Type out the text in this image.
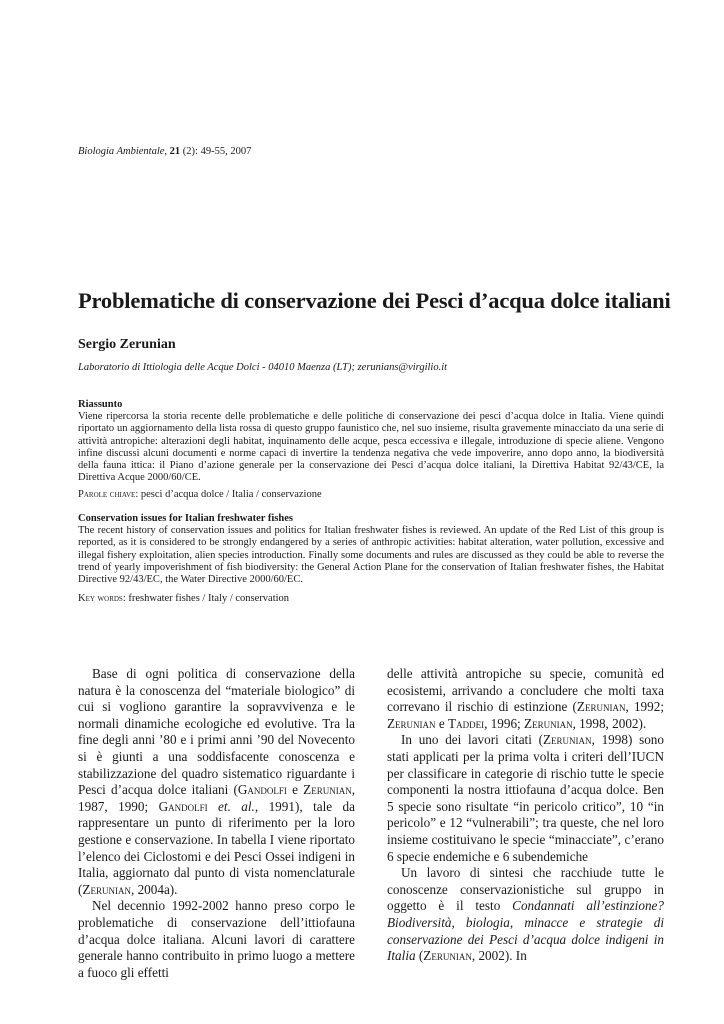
Biologia Ambientale, 21 (2): 49-55, 2007
Problematiche di conservazione dei Pesci d’acqua dolce italiani
Sergio Zerunian
Laboratorio di Ittiologia delle Acque Dolci - 04010 Maenza (LT); zerunians@virgilio.it
Riassunto
Viene ripercorsa la storia recente delle problematiche e delle politiche di conservazione dei pesci d’acqua dolce in Italia. Viene quindi riportato un aggiornamento della lista rossa di questo gruppo faunistico che, nel suo insieme, risulta gravemente minacciato da una serie di attività antropiche: alterazioni degli habitat, inquinamento delle acque, pesca eccessiva e illegale, introduzione di specie aliene. Vengono infine discussi alcuni documenti e norme capaci di invertire la tendenza negativa che vede impoverire, anno dopo anno, la biodiversità della fauna ittica: il Piano d’azione generale per la conservazione dei Pesci d’acqua dolce italiani, la Direttiva Habitat 92/43/CE, la Direttiva Acque 2000/60/CE.
Parole chiave: pesci d’acqua dolce / Italia / conservazione
Conservation issues for Italian freshwater fishes
The recent history of conservation issues and politics for Italian freshwater fishes is reviewed. An update of the Red List of this group is reported, as it is considered to be strongly endangered by a series of anthropic activities: habitat alteration, water pollution, excessive and illegal fishery exploitation, alien species introduction. Finally some documents and rules are discussed as they could be able to reverse the trend of yearly impoverishment of fish biodiversity: the General Action Plane for the conservation of Italian freshwater fishes, the Habitat Directive 92/43/EC, the Water Directive 2000/60/EC.
Key words: freshwater fishes / Italy / conservation

Base di ogni politica di conservazione della natura è la conoscenza del “materiale biologico” di cui si vogliono garantire la sopravvivenza e le normali dinamiche ecologiche ed evolutive. Tra la fine degli anni ’80 e i primi anni ’90 del Novecento si è giunti a una soddisfacente conoscenza e stabilizzazione del quadro sistematico riguardante i Pesci d’acqua dolce italiani (Gandolfi e Zerunian, 1987, 1990; Gandolfi et. al., 1991), tale da rappresentare un punto di riferimento per la loro gestione e conservazione. In tabella I viene riportato l’elenco dei Ciclostomi e dei Pesci Ossei indigeni in Italia, aggiornato dal punto di vista nomenclaturale (Zerunian, 2004a).

Nel decennio 1992-2002 hanno preso corpo le problematiche di conservazione dell’ittiofauna d’acqua dolce italiana. Alcuni lavori di carattere generale hanno contribuito in primo luogo a mettere a fuoco gli effetti

delle attività antropiche su specie, comunità ed ecosistemi, arrivando a concludere che molti taxa correvano il rischio di estinzione (Zerunian, 1992; Zerunian e Taddei, 1996; Zerunian, 1998, 2002).

In uno dei lavori citati (Zerunian, 1998) sono stati applicati per la prima volta i criteri dell’IUCN per classificare in categorie di rischio tutte le specie componenti la nostra ittiofauna d’acqua dolce. Ben 5 specie sono risultate “in pericolo critico”, 10 “in pericolo” e 12 “vulnerabili”; tra queste, che nel loro insieme costituivano le specie “minacciate”, c’erano 6 specie endemiche e 6 subendemiche

Un lavoro di sintesi che racchiude tutte le conoscenze conservazionistiche sul gruppo in oggetto è il testo Condannati all’estinzione? Biodiversità, biologia, minacce e strategie di conservazione dei Pesci d’acqua dolce indigeni in Italia (Zerunian, 2002). In
